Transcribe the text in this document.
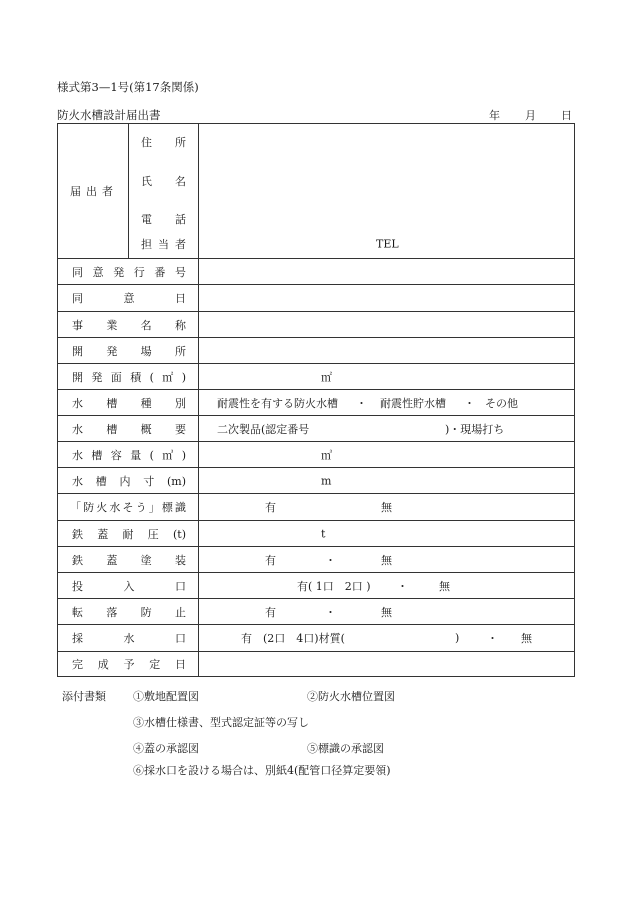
様式第3—1号(第17条関係)
防火水槽設計届出書	年 月 日
届出者	住　所
氏　名
電　話
担当者	TEL

同意発行番号		
同意日		
事業名称		
開発場所		
開発面積(㎡)		㎡

水槽種別		耐震性を有する防火水槽 ・ 耐震性貯水槽 ・ その他

水槽概要		二次製品(認定番号 )・現場打ち

水槽容量(㎥)		㎥

水槽内寸(m)		m

「防火水そう」標識		有 無

鉄蓋耐圧(t)		t

鉄蓋塗装		有 ・ 無

投入口		有( 1口　2口 ) ・ 無

転落防止		有 ・ 無

採水口		有　(2口　4口)材質( ) ・ 無

完成予定日		
添付書類 ①敷地配置図	②防火水槽位置図
③水槽仕様書、型式認定証等の写し
④蓋の承認図	⑤標識の承認図
⑥採水口を設ける場合は、別紙4(配管口径算定要領)
